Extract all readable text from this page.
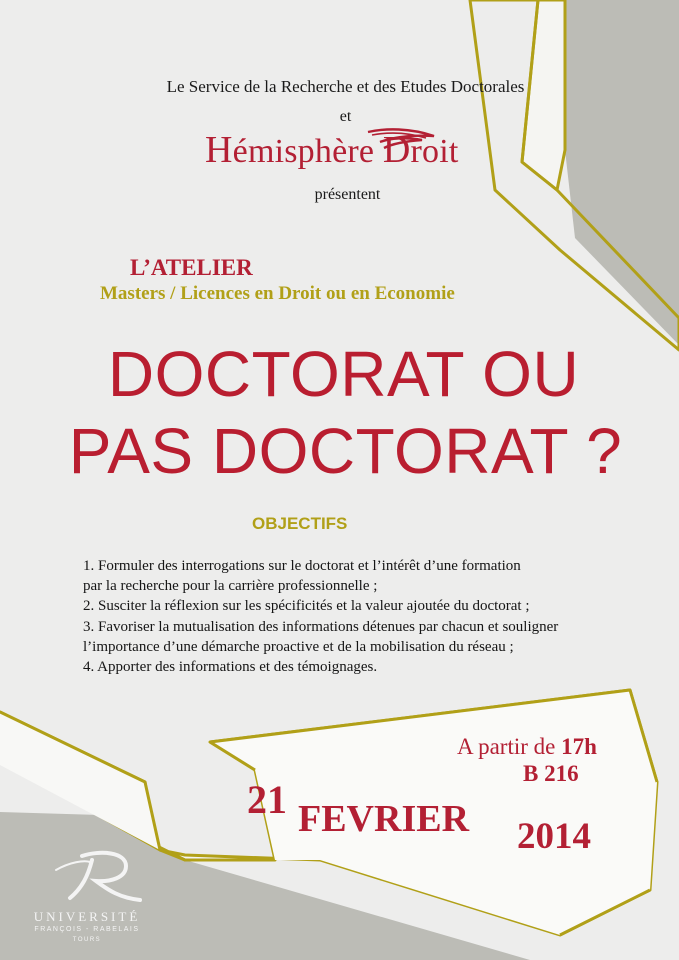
Le Service de la Recherche et des Etudes Doctorales

et

Hémisphère Droit

présentent

L’ATELIER

Masters / Licences en Droit ou en Economie

DOCTORAT OU

PAS DOCTORAT ?

OBJECTIFS

1. Formuler des interrogations sur le doctorat et l’intérêt d’une formation
par la recherche pour la carrière professionnelle ;
2. Susciter la réflexion sur les spécificités et la valeur ajoutée du doctorat ;
3. Favoriser la mutualisation des informations détenues par chacun et souligner
l’importance d’une démarche proactive et de la mobilisation du réseau ;
4. Apporter des informations et des témoignages.

A partir de 17h

B 216

21 FEVRIER 2014

UNIVERSITÉ

FRANÇOIS - RABELAIS

TOURS
